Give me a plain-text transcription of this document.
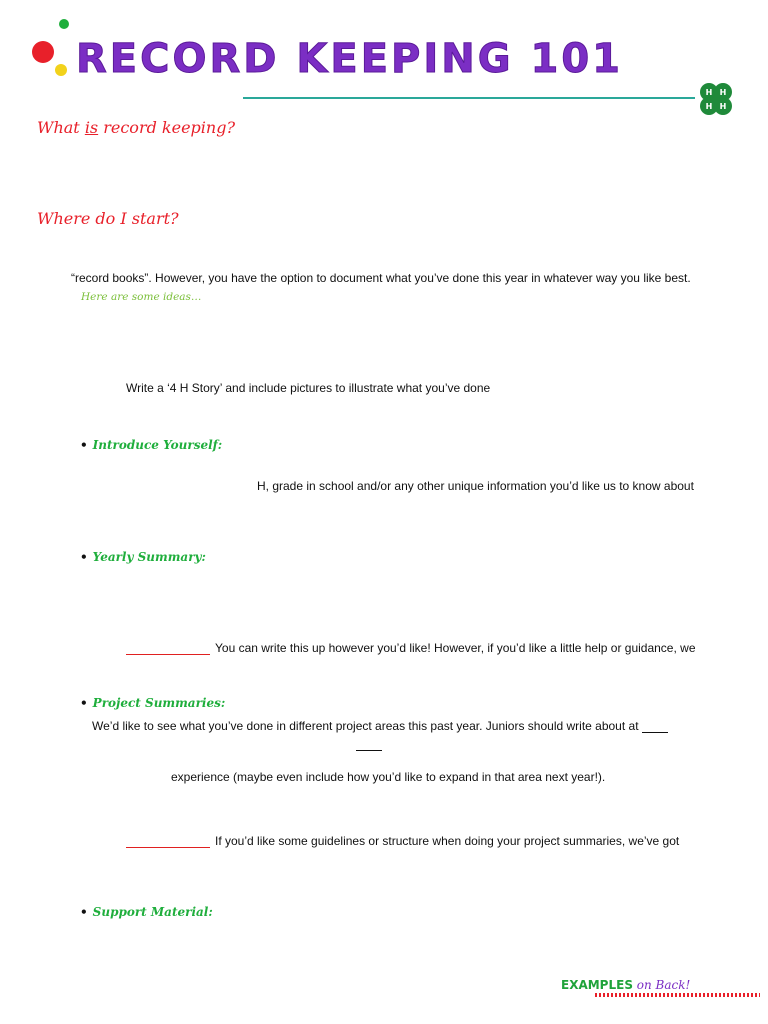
RECORD KEEPING 101
H H
H H
What is record keeping?
Where do I start?
“record books”. However, you have the option to document what you’ve done this year in whatever way you like best.
Here are some ideas…
Write a ‘4 H Story’ and include pictures to illustrate what you’ve done
• Introduce Yourself:
H, grade in school and/or any other unique information you’d like us to know about
• Yearly Summary:
You can write this up however you’d like! However, if you’d like a little help or guidance, we
• Project Summaries:
We’d like to see what you’ve done in different project areas this past year. Juniors should write about at
experience (maybe even include how you’d like to expand in that area next year!).
If you’d like some guidelines or structure when doing your project summaries, we’ve got
• Support Material:
EXAMPLES on Back!
